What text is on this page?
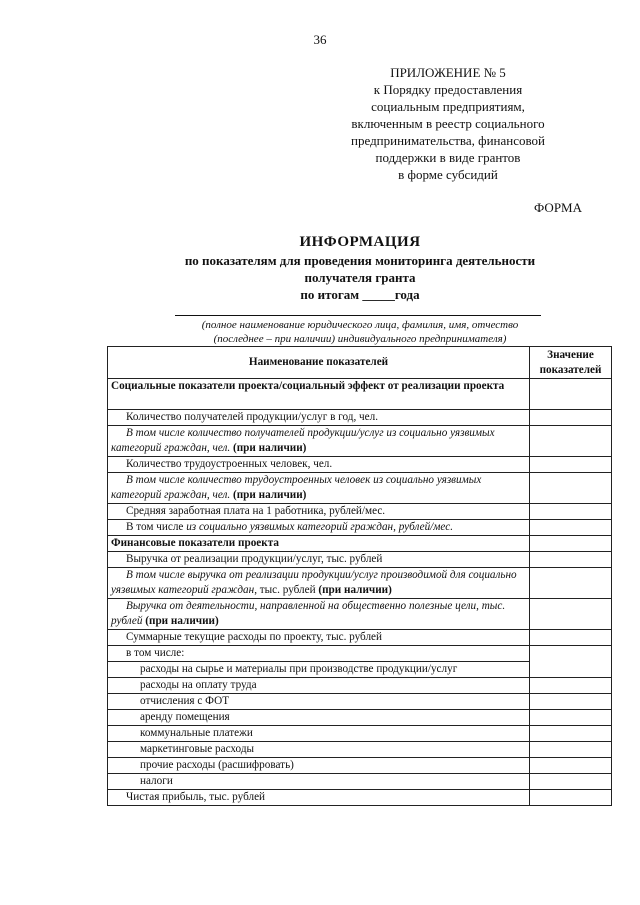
36
ПРИЛОЖЕНИЕ № 5
к Порядку предоставления
социальным предприятиям,
включенным в реестр социального
предпринимательства, финансовой
поддержки в виде грантов
в форме субсидий
ФОРМА
ИНФОРМАЦИЯ
по показателям для проведения мониторинга деятельности
получателя гранта
по итогам _____года
(полное наименование юридического лица, фамилия, имя, отчество
(последнее – при наличии) индивидуального предпринимателя)
Наименование показателей	Значение показателей
Социальные показатели проекта/социальный эффект от реализации проекта	
Количество получателей продукции/услуг в год, чел.	
В том числе количество получателей продукции/услуг из социально уязвимых категорий граждан, чел. (при наличии)	
Количество трудоустроенных человек, чел.	
В том числе количество трудоустроенных человек из социально уязвимых категорий граждан, чел. (при наличии)	
Средняя заработная плата на 1 работника, рублей/мес.	
В том числе из социально уязвимых категорий граждан, рублей/мес.	
Финансовые показатели проекта	
Выручка от реализации продукции/услуг, тыс. рублей	
В том числе выручка от реализации продукции/услуг производимой для социально уязвимых категорий граждан, тыс. рублей (при наличии)	
Выручка от деятельности, направленной на общественно полезные цели, тыс. рублей (при наличии)	
Суммарные текущие расходы по проекту, тыс. рублей	
в том числе:	
расходы на сырье и материалы при производстве продукции/услуг	
расходы на оплату труда	
отчисления с ФОТ	
аренду помещения	
коммунальные платежи	
маркетинговые расходы	
прочие расходы (расшифровать)	
налоги	
Чистая прибыль, тыс. рублей	
